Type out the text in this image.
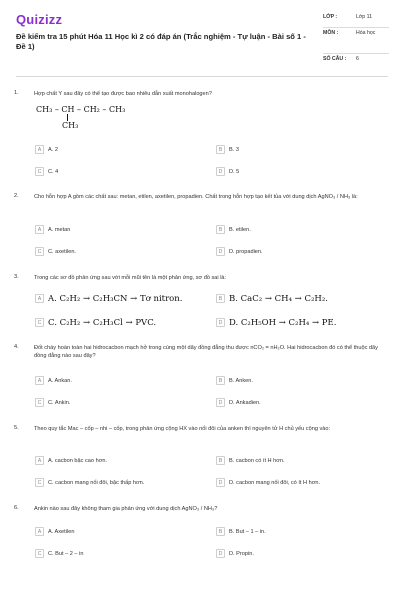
Quizizz
Đề kiểm tra 15 phút Hóa 11 Học kì 2 có đáp án (Trắc nghiệm - Tự luận - Bài số 1 - Đề 1)
LỚP :	Lớp 11
MÔN :	Hóa học
SỐ CÂU :	6
1.	Hợp chất Y sau đây có thể tạo được bao nhiêu dẫn xuất monohalogen?
CH₃ – CH – CH₂ – CH₃
CH₃
A	A. 2	B	B. 3
C	C. 4	D	D. 5
2.	Cho hỗn hợp A gồm các chất sau: metan, etilen, axetilen, propadien. Chất trong hỗn hợp tạo kết tủa với dung dịch AgNO₃ / NH₃ là:
A	A. metan	B	B. etilen.
C	C. axetilen.	D	D. propadien.
3.	Trong các sơ đồ phản ứng sau với mỗi mũi tên là một phản ứng, sơ đồ sai là:
A A. C₂H₂ → C₂H₃CN → Tơ nitron.	B B. CaC₂ → CH₄ → C₂H₂.
C C. C₂H₂ → C₂H₃Cl → PVC.	D D. C₂H₅OH → C₂H₄ → PE.
4.	Đốt cháy hoàn toàn hai hidrocacbon mạch hở trong cùng một dãy đồng đẳng thu được nCO₂ = nH₂O. Hai hidrocacbon đó có thể thuộc dãy đồng đẳng nào sau đây?
A	A. Ankan.	B	B. Anken.
C	C. Ankin.	D	D. Ankadien.
5.	Theo quy tắc Mac – cốp – nhi – cốp, trong phản ứng cộng HX vào nối đôi của anken thì nguyên tử H chủ yếu cộng vào:
A	A. cacbon bậc cao hơn.	B	B. cacbon có ít H hơn.
C	C. cacbon mang nối đôi, bậc thấp hơn.	D	D. cacbon mang nối đôi, có ít H hơn.
6.	Ankin nào sau đây không tham gia phản ứng với dung dịch AgNO₃ / NH₃?
A	A. Axetilen	B	B. But – 1 – in.
C	C. But – 2 – in	D	D. Propin.
